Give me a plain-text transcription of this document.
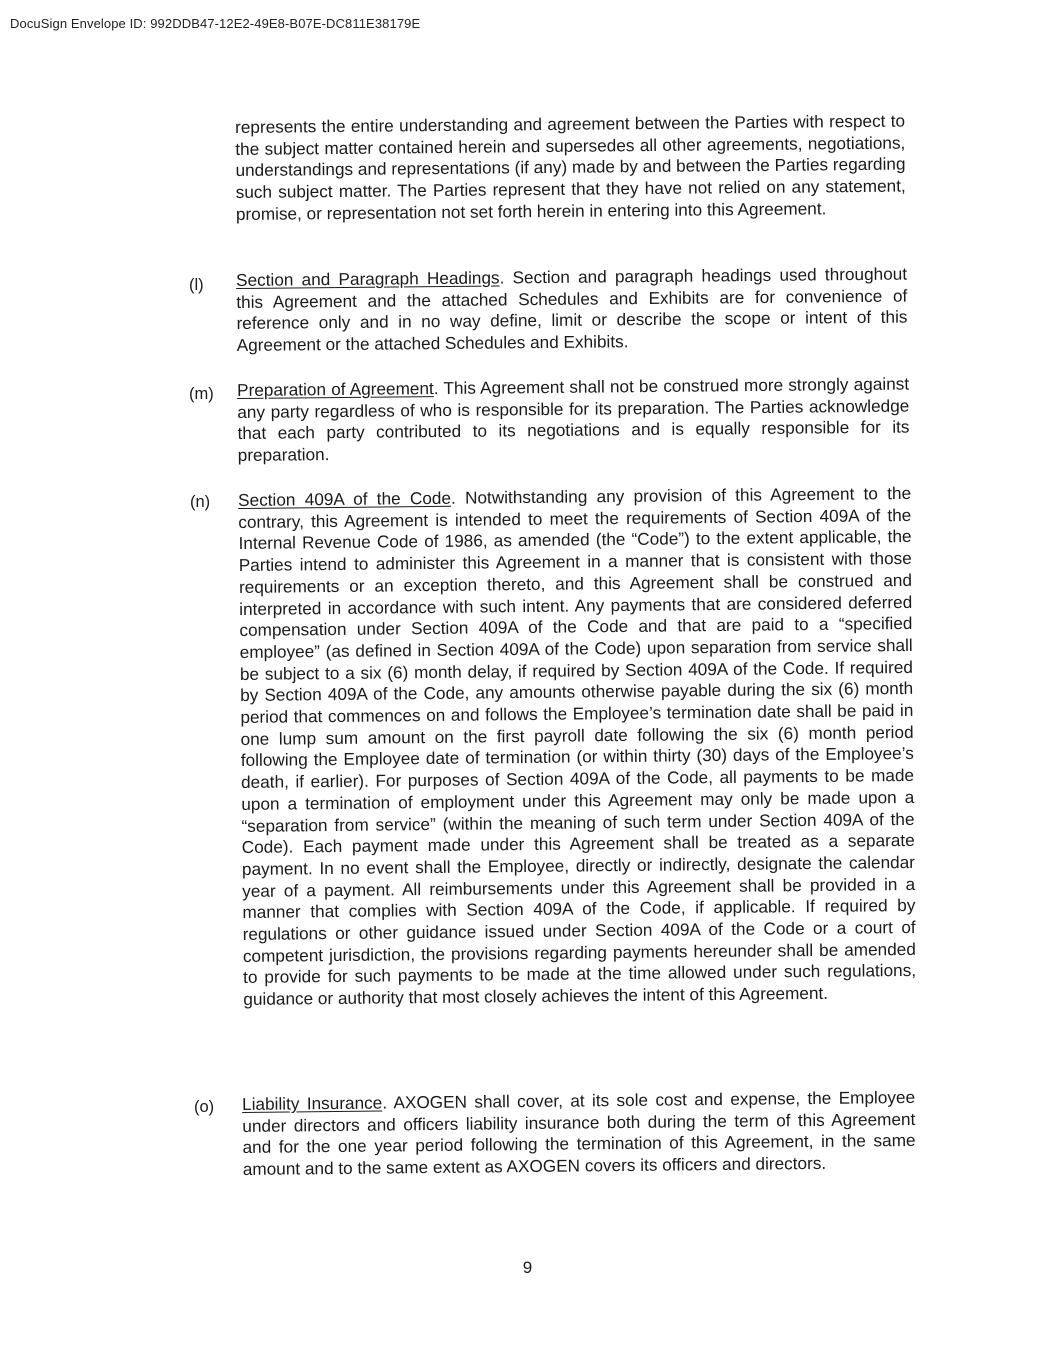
DocuSign Envelope ID: 992DDB47-12E2-49E8-B07E-DC811E38179E
represents the entire understanding and agreement between the Parties with respect to the subject matter contained herein and supersedes all other agreements, negotiations, understandings and representations (if any) made by and between the Parties regarding such subject matter. The Parties represent that they have not relied on any statement, promise, or representation not set forth herein in entering into this Agreement.
(l) Section and Paragraph Headings. Section and paragraph headings used throughout this Agreement and the attached Schedules and Exhibits are for convenience of reference only and in no way define, limit or describe the scope or intent of this Agreement or the attached Schedules and Exhibits.
(m) Preparation of Agreement. This Agreement shall not be construed more strongly against any party regardless of who is responsible for its preparation. The Parties acknowledge that each party contributed to its negotiations and is equally responsible for its preparation.
(n) Section 409A of the Code. Notwithstanding any provision of this Agreement to the contrary, this Agreement is intended to meet the requirements of Section 409A of the Internal Revenue Code of 1986, as amended (the “Code”) to the extent applicable, the Parties intend to administer this Agreement in a manner that is consistent with those requirements or an exception thereto, and this Agreement shall be construed and interpreted in accordance with such intent. Any payments that are considered deferred compensation under Section 409A of the Code and that are paid to a “specified employee” (as defined in Section 409A of the Code) upon separation from service shall be subject to a six (6) month delay, if required by Section 409A of the Code. If required by Section 409A of the Code, any amounts otherwise payable during the six (6) month period that commences on and follows the Employee’s termination date shall be paid in one lump sum amount on the first payroll date following the six (6) month period following the Employee date of termination (or within thirty (30) days of the Employee’s death, if earlier). For purposes of Section 409A of the Code, all payments to be made upon a termination of employment under this Agreement may only be made upon a “separation from service” (within the meaning of such term under Section 409A of the Code). Each payment made under this Agreement shall be treated as a separate payment. In no event shall the Employee, directly or indirectly, designate the calendar year of a payment. All reimbursements under this Agreement shall be provided in a manner that complies with Section 409A of the Code, if applicable. If required by regulations or other guidance issued under Section 409A of the Code or a court of competent jurisdiction, the provisions regarding payments hereunder shall be amended to provide for such payments to be made at the time allowed under such regulations, guidance or authority that most closely achieves the intent of this Agreement.
(o) Liability Insurance. AXOGEN shall cover, at its sole cost and expense, the Employee under directors and officers liability insurance both during the term of this Agreement and for the one year period following the termination of this Agreement, in the same amount and to the same extent as AXOGEN covers its officers and directors.
9
